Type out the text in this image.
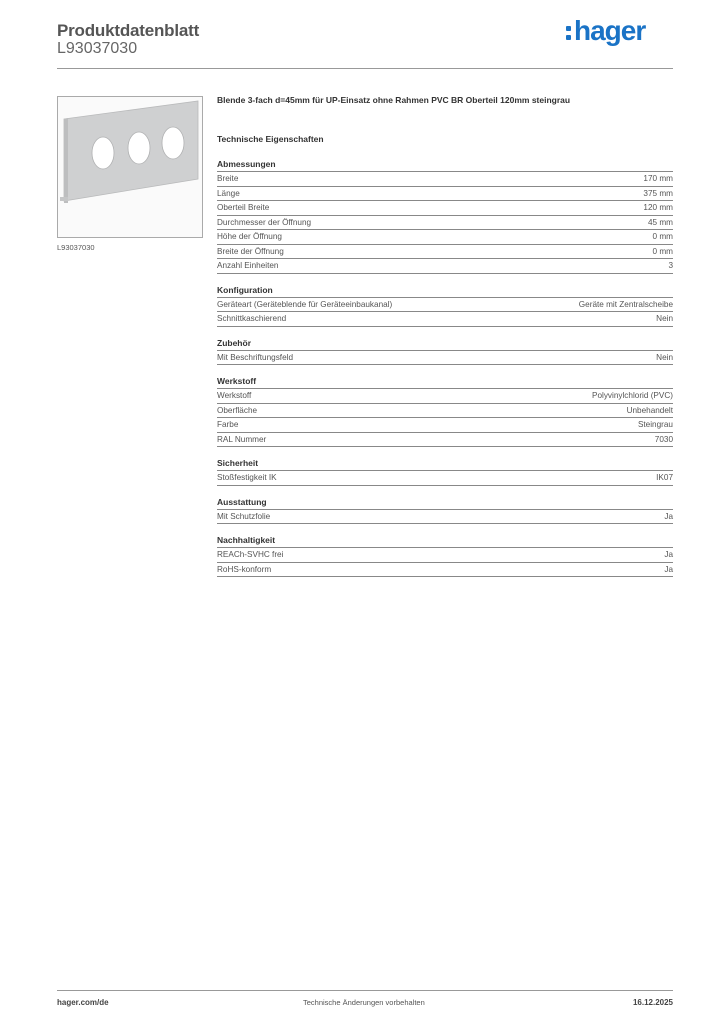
Produktdatenblatt
L93037030
hager
L93037030
Blende 3-fach d=45mm für UP-Einsatz ohne Rahmen PVC BR Oberteil 120mm steingrau
Technische Eigenschaften
Abmessungen
Breite	170 mm
Länge	375 mm
Oberteil Breite	120 mm
Durchmesser der Öffnung	45 mm
Höhe der Öffnung	0 mm
Breite der Öffnung	0 mm
Anzahl Einheiten	3
Konfiguration
Geräteart (Geräteblende für Geräteeinbaukanal)	Geräte mit Zentralscheibe
Schnittkaschierend	Nein
Zubehör
Mit Beschriftungsfeld	Nein
Werkstoff
Werkstoff	Polyvinylchlorid (PVC)
Oberfläche	Unbehandelt
Farbe	Steingrau
RAL Nummer	7030
Sicherheit
Stoßfestigkeit IK	IK07
Ausstattung
Mit Schutzfolie	Ja
Nachhaltigkeit
REACh-SVHC frei	Ja
RoHS-konform	Ja
hager.com/de	Technische Änderungen vorbehalten	16.12.2025
